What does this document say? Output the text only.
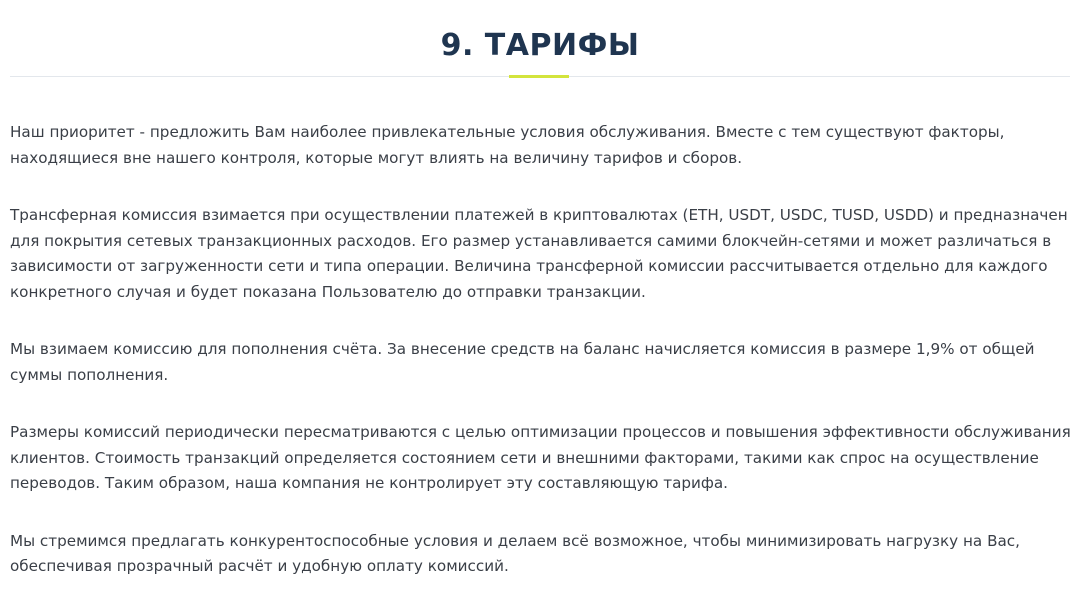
9. ТАРИФЫ

Наш приоритет - предложить Вам наиболее привлекательные условия обслуживания. Вместе с тем существуют факторы, находящиеся вне нашего контроля, которые могут влиять на величину тарифов и сборов.

Трансферная комиссия взимается при осуществлении платежей в криптовалютах (ETH, USDT, USDC, TUSD, USDD) и предназначен для покрытия сетевых транзакционных расходов. Его размер устанавливается самими блокчейн-сетями и может различаться в зависимости от загруженности сети и типа операции. Величина трансферной комиссии рассчитывается отдельно для каждого конкретного случая и будет показана Пользователю до отправки транзакции.

Мы взимаем комиссию для пополнения счёта. За внесение средств на баланс начисляется комиссия в размере 1,9% от общей суммы пополнения.

Размеры комиссий периодически пересматриваются с целью оптимизации процессов и повышения эффективности обслуживания клиентов. Стоимость транзакций определяется состоянием сети и внешними факторами, такими как спрос на осуществление переводов. Таким образом, наша компания не контролирует эту составляющую тарифа.

Мы стремимся предлагать конкурентоспособные условия и делаем всё возможное, чтобы минимизировать нагрузку на Вас, обеспечивая прозрачный расчёт и удобную оплату комиссий.
